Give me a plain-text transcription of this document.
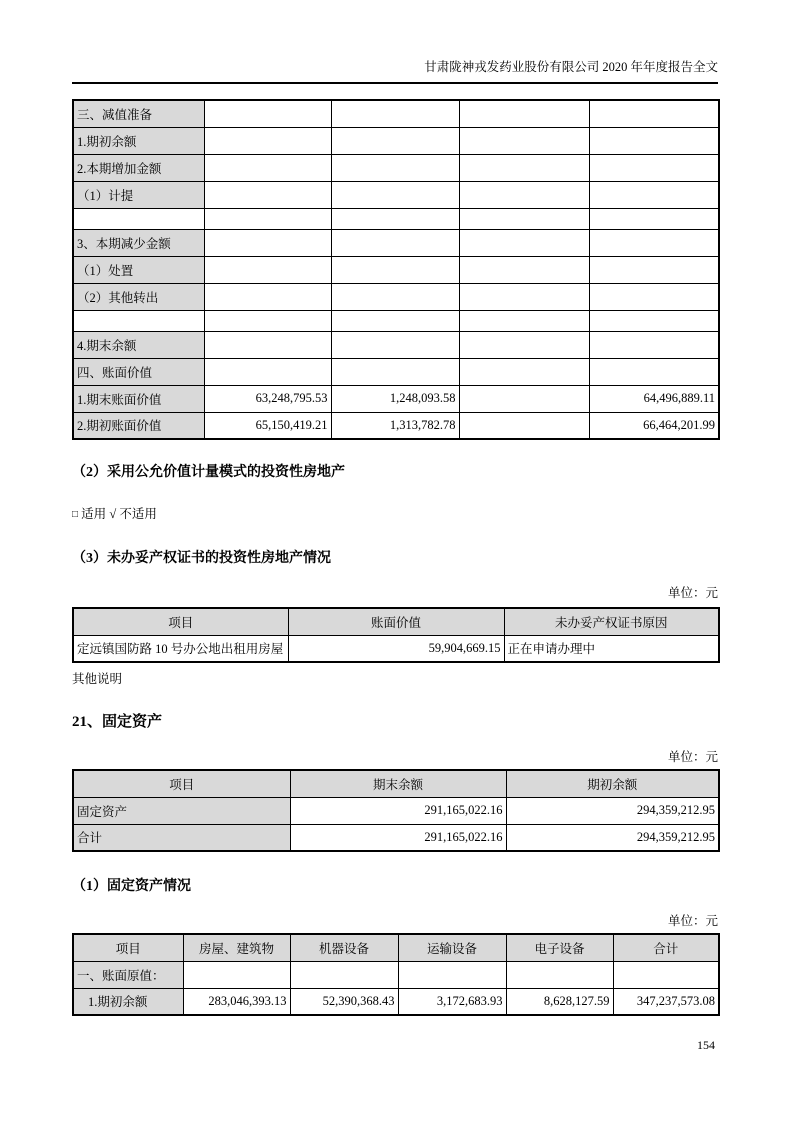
甘肃陇神戎发药业股份有限公司 2020 年年度报告全文
三、减值准备				
1.期初余额				
2.本期增加金额				
（1）计提				

3、本期减少金额				
（1）处置				
（2）其他转出				

4.期末余额				
四、账面价值				
1.期末账面价值	63,248,795.53	1,248,093.58		64,496,889.11
2.期初账面价值	65,150,419.21	1,313,782.78		66,464,201.99
（2）采用公允价值计量模式的投资性房地产
□ 适用 √ 不适用
（3）未办妥产权证书的投资性房地产情况
单位：元
项目	账面价值	未办妥产权证书原因
定远镇国防路 10 号办公地出租用房屋	59,904,669.15	正在申请办理中
其他说明
21、固定资产
单位：元
项目	期末余额	期初余额
固定资产	291,165,022.16	294,359,212.95
合计	291,165,022.16	294,359,212.95
（1）固定资产情况
单位：元
项目	房屋、建筑物	机器设备	运输设备	电子设备	合计
一、账面原值：					
1.期初余额	283,046,393.13	52,390,368.43	3,172,683.93	8,628,127.59	347,237,573.08
154
